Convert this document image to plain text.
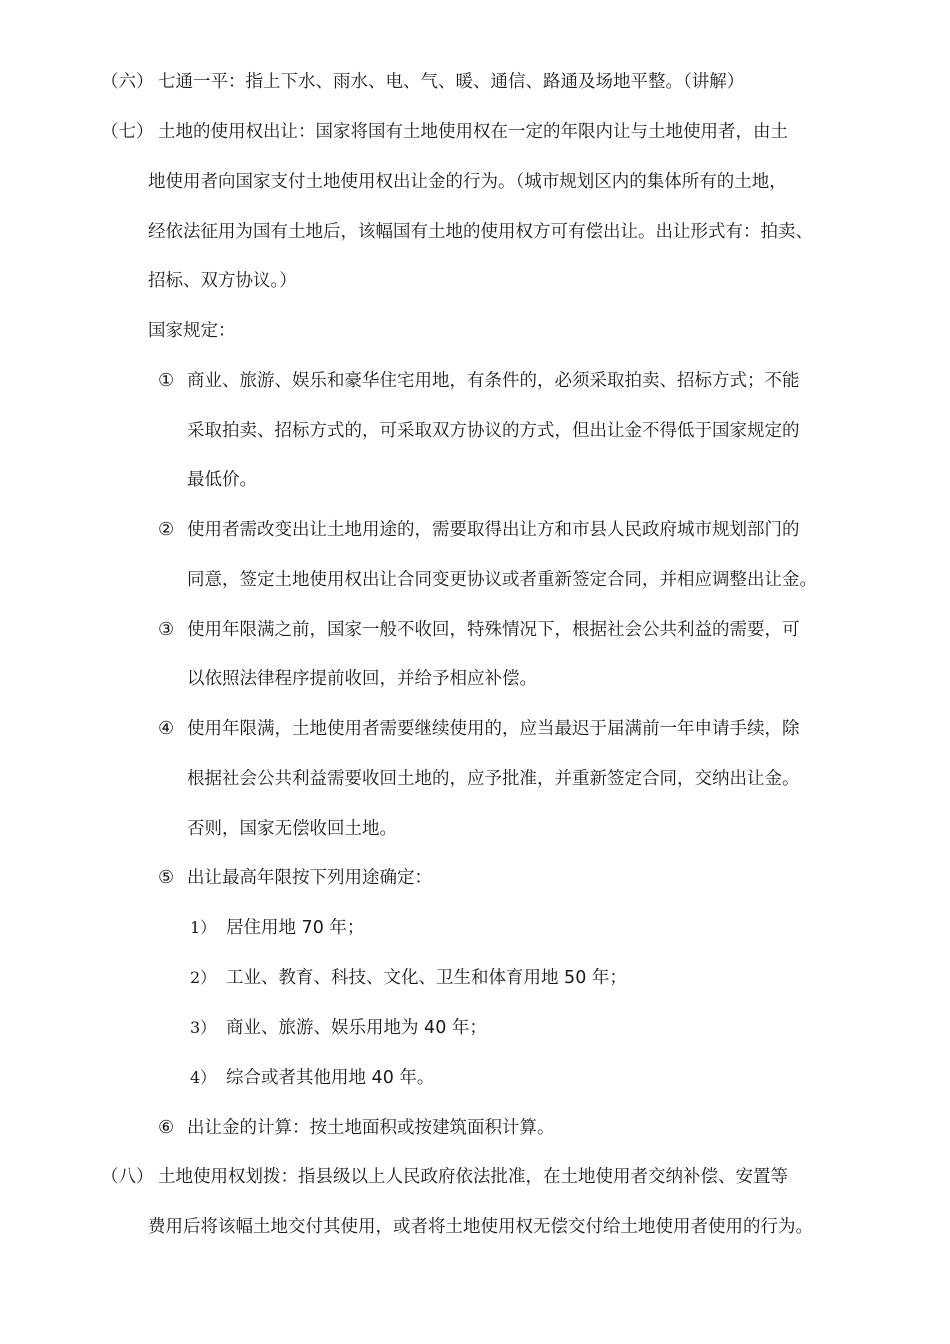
（六） 七通一平：指上下水、雨水、电、气、暖、通信、路通及场地平整。（讲解）
（七） 土地的使用权出让：国家将国有土地使用权在一定的年限内让与土地使用者，由土
地使用者向国家支付土地使用权出让金的行为。（城市规划区内的集体所有的土地，
经依法征用为国有土地后，该幅国有土地的使用权方可有偿出让。出让形式有：拍卖、
招标、双方协议。）
国家规定：
① 商业、旅游、娱乐和豪华住宅用地，有条件的，必须采取拍卖、招标方式；不能
采取拍卖、招标方式的，可采取双方协议的方式，但出让金不得低于国家规定的
最低价。
② 使用者需改变出让土地用途的，需要取得出让方和市县人民政府城市规划部门的
同意，签定土地使用权出让合同变更协议或者重新签定合同，并相应调整出让金。
③ 使用年限满之前，国家一般不收回，特殊情况下，根据社会公共利益的需要，可
以依照法律程序提前收回，并给予相应补偿。
④ 使用年限满，土地使用者需要继续使用的，应当最迟于届满前一年申请手续，除
根据社会公共利益需要收回土地的，应予批准，并重新签定合同，交纳出让金。
否则，国家无偿收回土地。
⑤ 出让最高年限按下列用途确定：
1） 居住用地 70 年；
2） 工业、教育、科技、文化、卫生和体育用地 50 年；
3） 商业、旅游、娱乐用地为 40 年；
4） 综合或者其他用地 40 年。
⑥ 出让金的计算：按土地面积或按建筑面积计算。
（八） 土地使用权划拨：指县级以上人民政府依法批准，在土地使用者交纳补偿、安置等
费用后将该幅土地交付其使用，或者将土地使用权无偿交付给土地使用者使用的行为。
